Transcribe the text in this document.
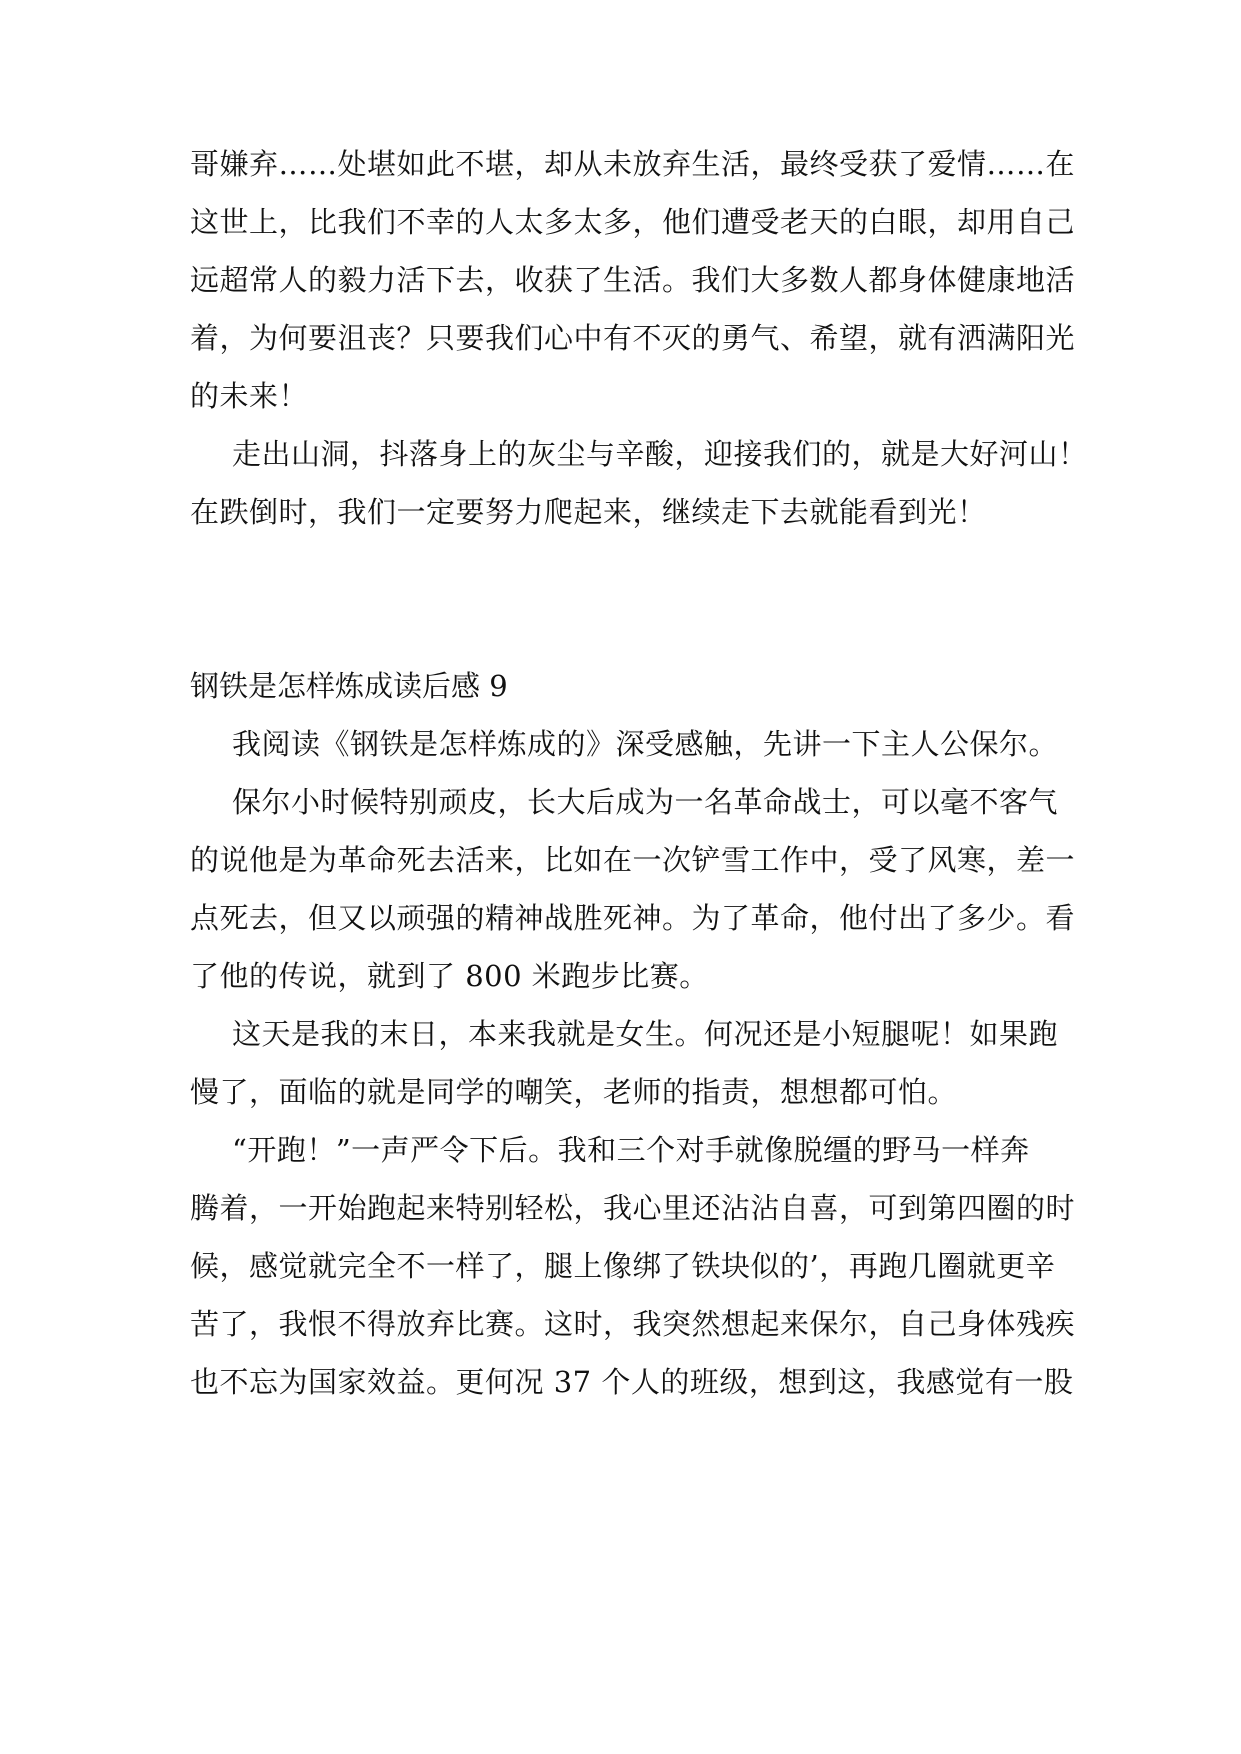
哥嫌弃……处堪如此不堪，却从未放弃生活，最终受获了爱情……在
这世上，比我们不幸的人太多太多，他们遭受老天的白眼，却用自己
远超常人的毅力活下去，收获了生活。我们大多数人都身体健康地活
着，为何要沮丧？只要我们心中有不灭的勇气、希望，就有洒满阳光
的未来！
走出山洞，抖落身上的灰尘与辛酸，迎接我们的，就是大好河山！
在跌倒时，我们一定要努力爬起来，继续走下去就能看到光！
钢铁是怎样炼成读后感 9
我阅读《钢铁是怎样炼成的》深受感触，先讲一下主人公保尔。
保尔小时候特别顽皮，长大后成为一名革命战士，可以毫不客气
的说他是为革命死去活来，比如在一次铲雪工作中，受了风寒，差一
点死去，但又以顽强的精神战胜死神。为了革命，他付出了多少。看
了他的传说，就到了 800 米跑步比赛。
这天是我的末日，本来我就是女生。何况还是小短腿呢！如果跑
慢了，面临的就是同学的嘲笑，老师的指责，想想都可怕。
“开跑！”一声严令下后。我和三个对手就像脱缰的野马一样奔
腾着，一开始跑起来特别轻松，我心里还沾沾自喜，可到第四圈的时
候，感觉就完全不一样了，腿上像绑了铁块似的’，再跑几圈就更辛
苦了，我恨不得放弃比赛。这时，我突然想起来保尔，自己身体残疾
也不忘为国家效益。更何况 37 个人的班级，想到这，我感觉有一股
